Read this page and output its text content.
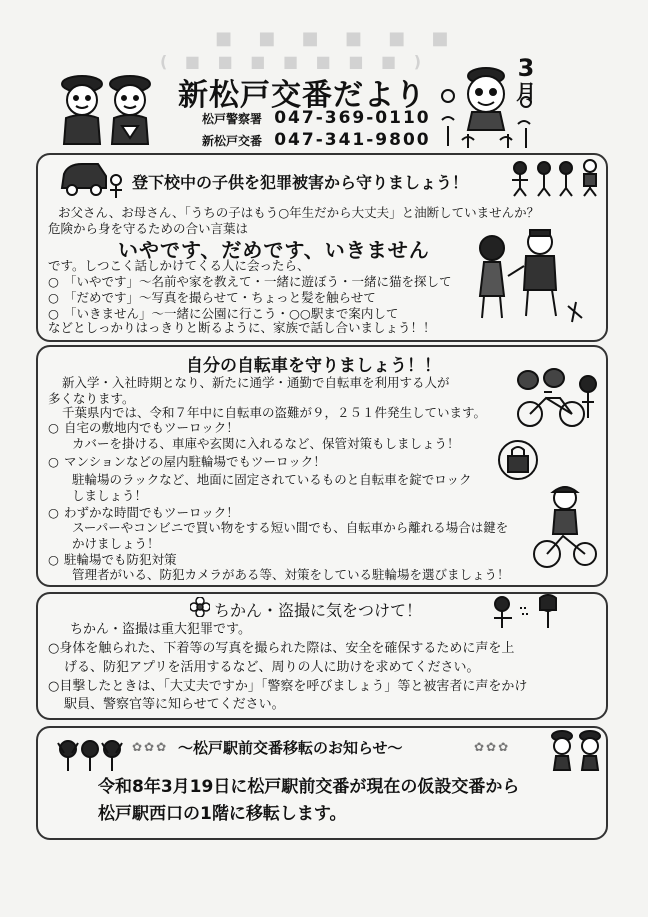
■ ■ ■ ■ ■ ■
( ■ ■ ■ ■ ■ ■ ■ )
新松戸交番だより
松戸警察署 047-369-0110
新松戸交番 047-341-9800
3
月
登下校中の子供を犯罪被害から守りましょう！
お父さん、お母さん、「うちの子はもう○年生だから大丈夫」と油断していませんか？
危険から身を守るための合い言葉は
いやです、だめです、いきません
です。しつこく話しかけてくる人に会ったら、
○ 「いやです」～名前や家を教えて・一緒に遊ぼう・一緒に猫を探して
○ 「だめです」～写真を撮らせて・ちょっと髪を触らせて
○ 「いきません」～一緒に公園に行こう・○○駅まで案内して
などとしっかりはっきりと断るように、家族で話し合いましょう！！
自分の自転車を守りましょう！！
新入学・入社時期となり、新たに通学・通勤で自転車を利用する人が
多くなります。
千葉県内では、令和７年中に自転車の盗難が９，２５１件発生しています。
○ 自宅の敷地内でもツーロック！
カバーを掛ける、車庫や玄関に入れるなど、保管対策もしましょう！
○ マンションなどの屋内駐輪場でもツーロック！
駐輪場のラックなど、地面に固定されているものと自転車を錠でロック
しましょう！
○ わずかな時間でもツーロック！
スーパーやコンビニで買い物をする短い間でも、自転車から離れる場合は鍵を
かけましょう！
○ 駐輪場でも防犯対策
管理者がいる、防犯カメラがある等、対策をしている駐輪場を選びましょう！
ちかん・盗撮に気をつけて！
ちかん・盗撮は重大犯罪です。
○身体を触られた、下着等の写真を撮られた際は、安全を確保するために声を上
げる、防犯アプリを活用するなど、周りの人に助けを求めてください。
○目撃したときは、「大丈夫ですか」「警察を呼びましょう」等と被害者に声をかけ
駅員、警察官等に知らせてください。
～松戸駅前交番移転のお知らせ～
✿✿✿	✿✿✿
令和8年3月19日に松戸駅前交番が現在の仮設交番から
松戸駅西口の1階に移転します。
